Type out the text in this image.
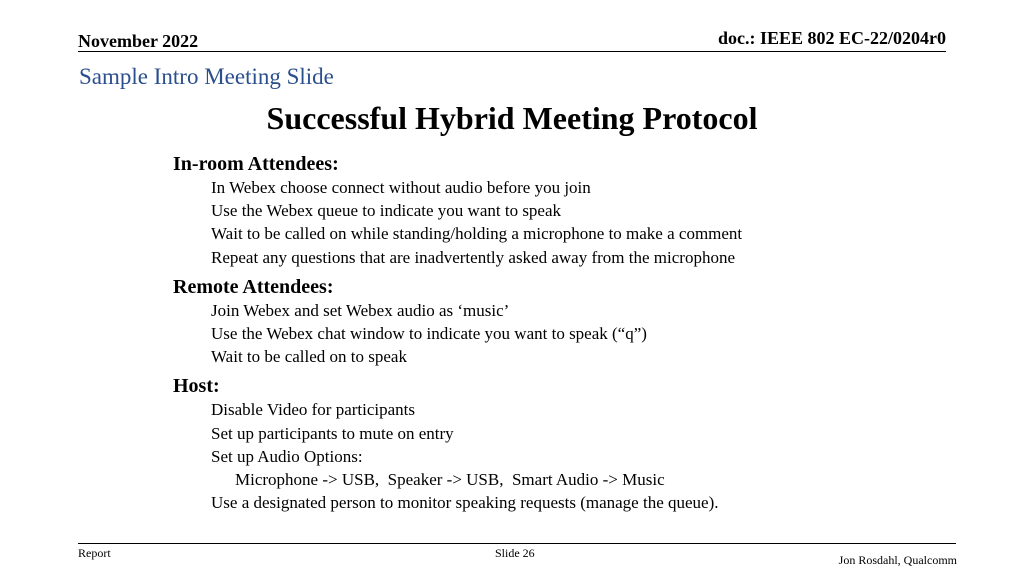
doc.: IEEE 802 EC-22/0204r0
November 2022
Sample Intro Meeting Slide
Successful Hybrid Meeting Protocol
In-room Attendees:
In Webex choose connect without audio before you join
Use the Webex queue to indicate you want to speak
Wait to be called on while standing/holding a microphone to make a comment
Repeat any questions that are inadvertently asked away from the microphone
Remote Attendees:
Join Webex and set Webex audio as ‘music’
Use the Webex chat window to indicate you want to speak (“q”)
Wait to be called on to speak
Host:
Disable Video for participants
Set up participants to mute on entry
Set up Audio Options:
Microphone -> USB,  Speaker -> USB,  Smart Audio -> Music
Use a designated person to monitor speaking requests (manage the queue).
Report	Slide 26	Jon Rosdahl, Qualcomm
